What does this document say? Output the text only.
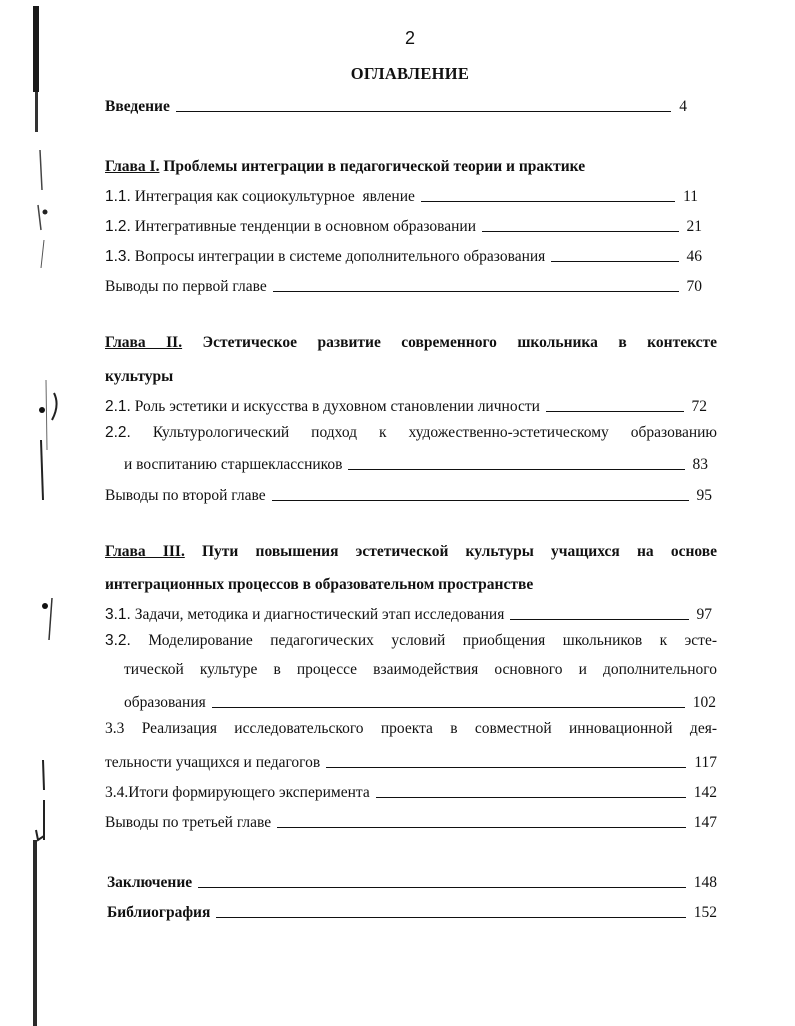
2
ОГЛАВЛЕНИЕ
Введение	4
Глава I. Проблемы интеграции в педагогической теории и практике
1.1. Интеграция как социокультурное  явление	11
1.2. Интегративные тенденции в основном образовании	21
1.3. Вопросы интеграции в системе дополнительного образования	46
Выводы по первой главе	70
Глава II. Эстетическое развитие современного школьника в контексте
культуры
2.1. Роль эстетики и искусства в духовном становлении личности	72
2.2. Культурологический подход к художественно-эстетическому образованию
и воспитанию старшеклассников	83
Выводы по второй главе	95
Глава III. Пути повышения эстетической культуры учащихся на основе
интеграционных процессов в образовательном пространстве
3.1. Задачи, методика и диагностический этап исследования	97
3.2. Моделирование педагогических условий приобщения школьников к эсте-
тической культуре в процессе взаимодействия основного и дополнительного
образования	102
3.3 Реализация исследовательского проекта в совместной инновационной дея-
тельности учащихся и педагогов	117
3.4.Итоги формирующего эксперимента	142
Выводы по третьей главе	147
Заключение	148
Библиография	152
